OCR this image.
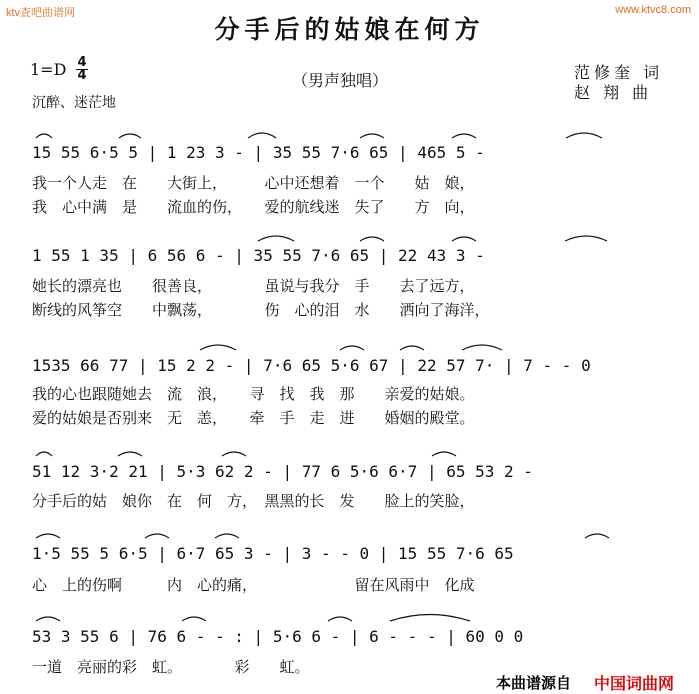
ktv查吧曲谱网	www.ktvc8.com
分手后的姑娘在何方
（男声独唱）
$1=D \frac{4}{4}$
沉醉、迷茫地
范修奎 词
赵 翔 曲
15 55 6·5 5 | 1 23 3 - | 35 55 7·6 65 | 465 5 -
我一个人走　在　　大街上，　　　心中还想着　一个　　姑　娘，
我　心中满　是　　流血的伤，　　爱的航线迷　失了　　方　向，
1 55 1 35 | 6 56 6 - | 35 55 7·6 65 | 22 43 3 -
她长的漂亮也　　很善良，　　　　虽说与我分　手　　去了远方，
断线的风筝空　　中飘荡，　　　　伤　心的泪　水　　洒向了海洋，
1535 66 77 | 15 2 2 - | 7·6 65 5·6 67 | 22 57 7· | 7 - - 0
我的心也跟随她去　流　浪，　　寻　找　我　那　　亲爱的姑娘。
爱的姑娘是否别来　无　恙，　　牵　手　走　进　　婚姻的殿堂。
51 12 3·2 21 | 5·3 62 2 - | 77 6 5·6 6·7 | 65 53 2 -
分手后的姑　娘你　在　何　方，　黑黑的长　发　　脸上的笑脸，
1·5 55 5 6·5 | 6·7 65 3 - | 3 - - 0 | 15 55 7·6 65
心　上的伤啊　　　内　心的痛，　　　　　　　留在风雨中　化成
53 3 55 6 | 76 6 - - : | 5·6 6 - | 6 - - - | 60 0 0
一道　亮丽的彩　虹。　　　　彩　　虹。
本曲谱源自 中国词曲网
